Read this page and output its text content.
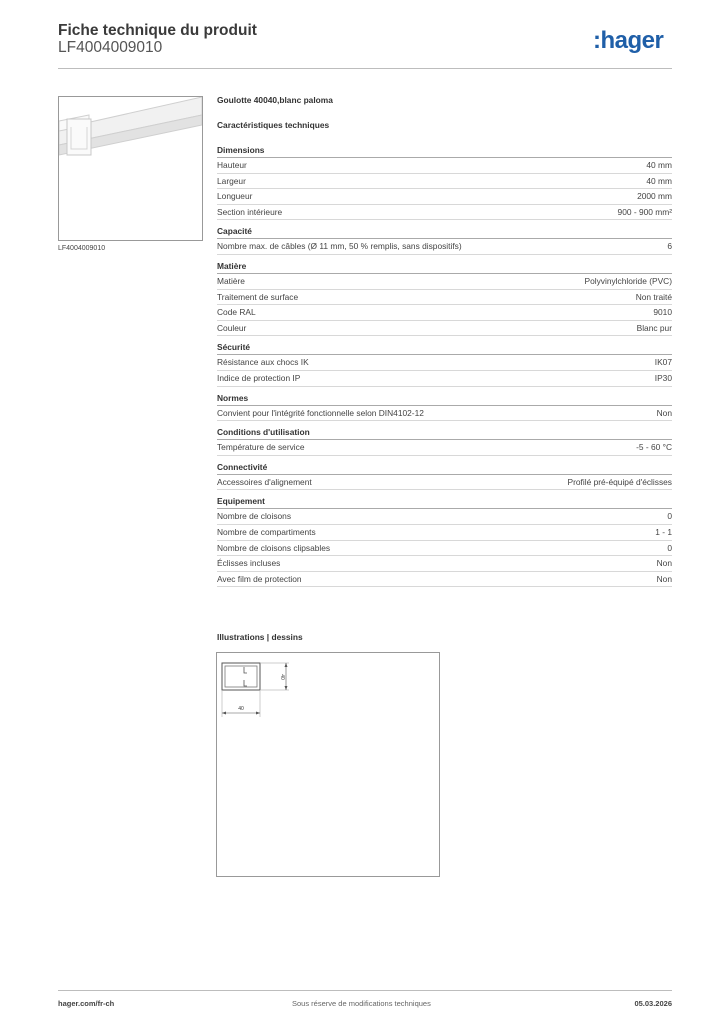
Fiche technique du produit
LF4004009010	:hager
LF4004009010
Goulotte 40040,blanc paloma
Caractéristiques techniques
Dimensions
Hauteur	40 mm
Largeur	40 mm
Longueur	2000 mm
Section intérieure	900 - 900 mm²
Capacité
Nombre max. de câbles (Ø 11 mm, 50 % remplis, sans dispositifs)	6
Matière
Matière	Polyvinylchloride (PVC)
Traitement de surface	Non traité
Code RAL	9010
Couleur	Blanc pur
Sécurité
Résistance aux chocs IK	IK07
Indice de protection IP	IP30
Normes
Convient pour l'intégrité fonctionnelle selon DIN4102-12	Non
Conditions d'utilisation
Température de service	-5 - 60 °C
Connectivité
Accessoires d'alignement	Profilé pré-équipé d'éclisses
Equipement
Nombre de cloisons	0
Nombre de compartiments	1 - 1
Nombre de cloisons clipsables	0
Éclisses incluses	Non
Avec film de protection	Non
Illustrations | dessins
40
40
hager.com/fr-ch	Sous réserve de modifications techniques	05.03.2026
